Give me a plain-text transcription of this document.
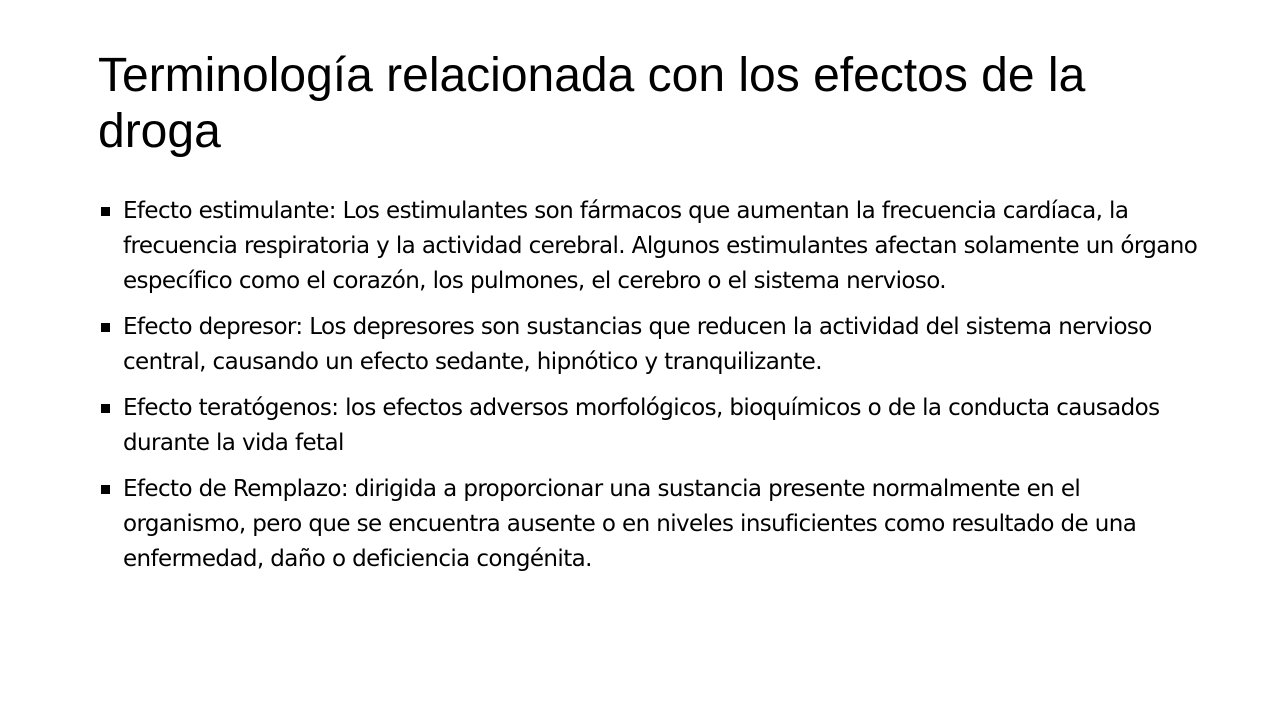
Terminología relacionada con los efectos de la droga
Efecto estimulante: Los estimulantes son fármacos que aumentan la frecuencia cardíaca, la frecuencia respiratoria y la actividad cerebral. Algunos estimulantes afectan solamente un órgano específico como el corazón, los pulmones, el cerebro o el sistema nervioso.
Efecto depresor: Los depresores son sustancias que reducen la actividad del sistema nervioso central, causando un efecto sedante, hipnótico y tranquilizante.
Efecto teratógenos: los efectos adversos morfológicos, bioquímicos o de la conducta causados durante la vida fetal
Efecto de Remplazo: dirigida a proporcionar una sustancia presente normalmente en el organismo, pero que se encuentra ausente o en niveles insuficientes como resultado de una enfermedad, daño o deficiencia congénita.
